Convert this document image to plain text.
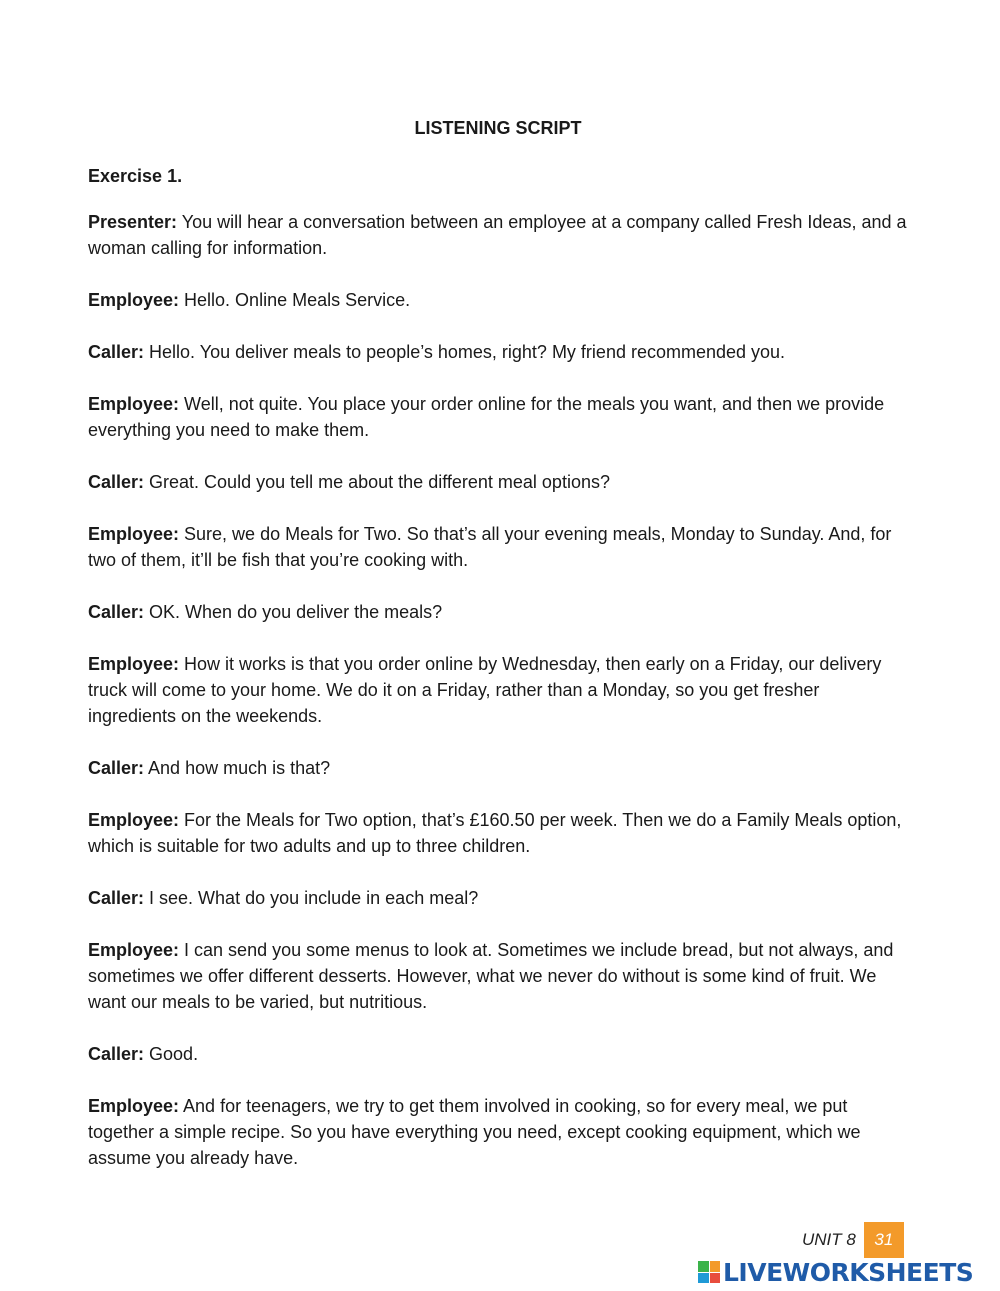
LISTENING SCRIPT
Exercise 1.

Presenter: You will hear a conversation between an employee at a company called Fresh Ideas, and a woman calling for information.

Employee: Hello. Online Meals Service.

Caller: Hello. You deliver meals to people’s homes, right? My friend recommended you.

Employee: Well, not quite. You place your order online for the meals you want, and then we provide everything you need to make them.

Caller: Great. Could you tell me about the different meal options?

Employee: Sure, we do Meals for Two. So that’s all your evening meals, Monday to Sunday. And, for two of them, it’ll be fish that you’re cooking with.

Caller: OK. When do you deliver the meals?

Employee: How it works is that you order online by Wednesday, then early on a Friday, our delivery truck will come to your home. We do it on a Friday, rather than a Monday, so you get fresher ingredients on the weekends.

Caller: And how much is that?

Employee: For the Meals for Two option, that’s £160.50 per week. Then we do a Family Meals option, which is suitable for two adults and up to three children.

Caller: I see. What do you include in each meal?

Employee: I can send you some menus to look at. Sometimes we include bread, but not always, and sometimes we offer different desserts. However, what we never do without is some kind of fruit. We want our meals to be varied, but nutritious.

Caller: Good.

Employee: And for teenagers, we try to get them involved in cooking, so for every meal, we put together a simple recipe. So you have everything you need, except cooking equipment, which we assume you already have.

UNIT 8	31
LIVEWORKSHEETS
